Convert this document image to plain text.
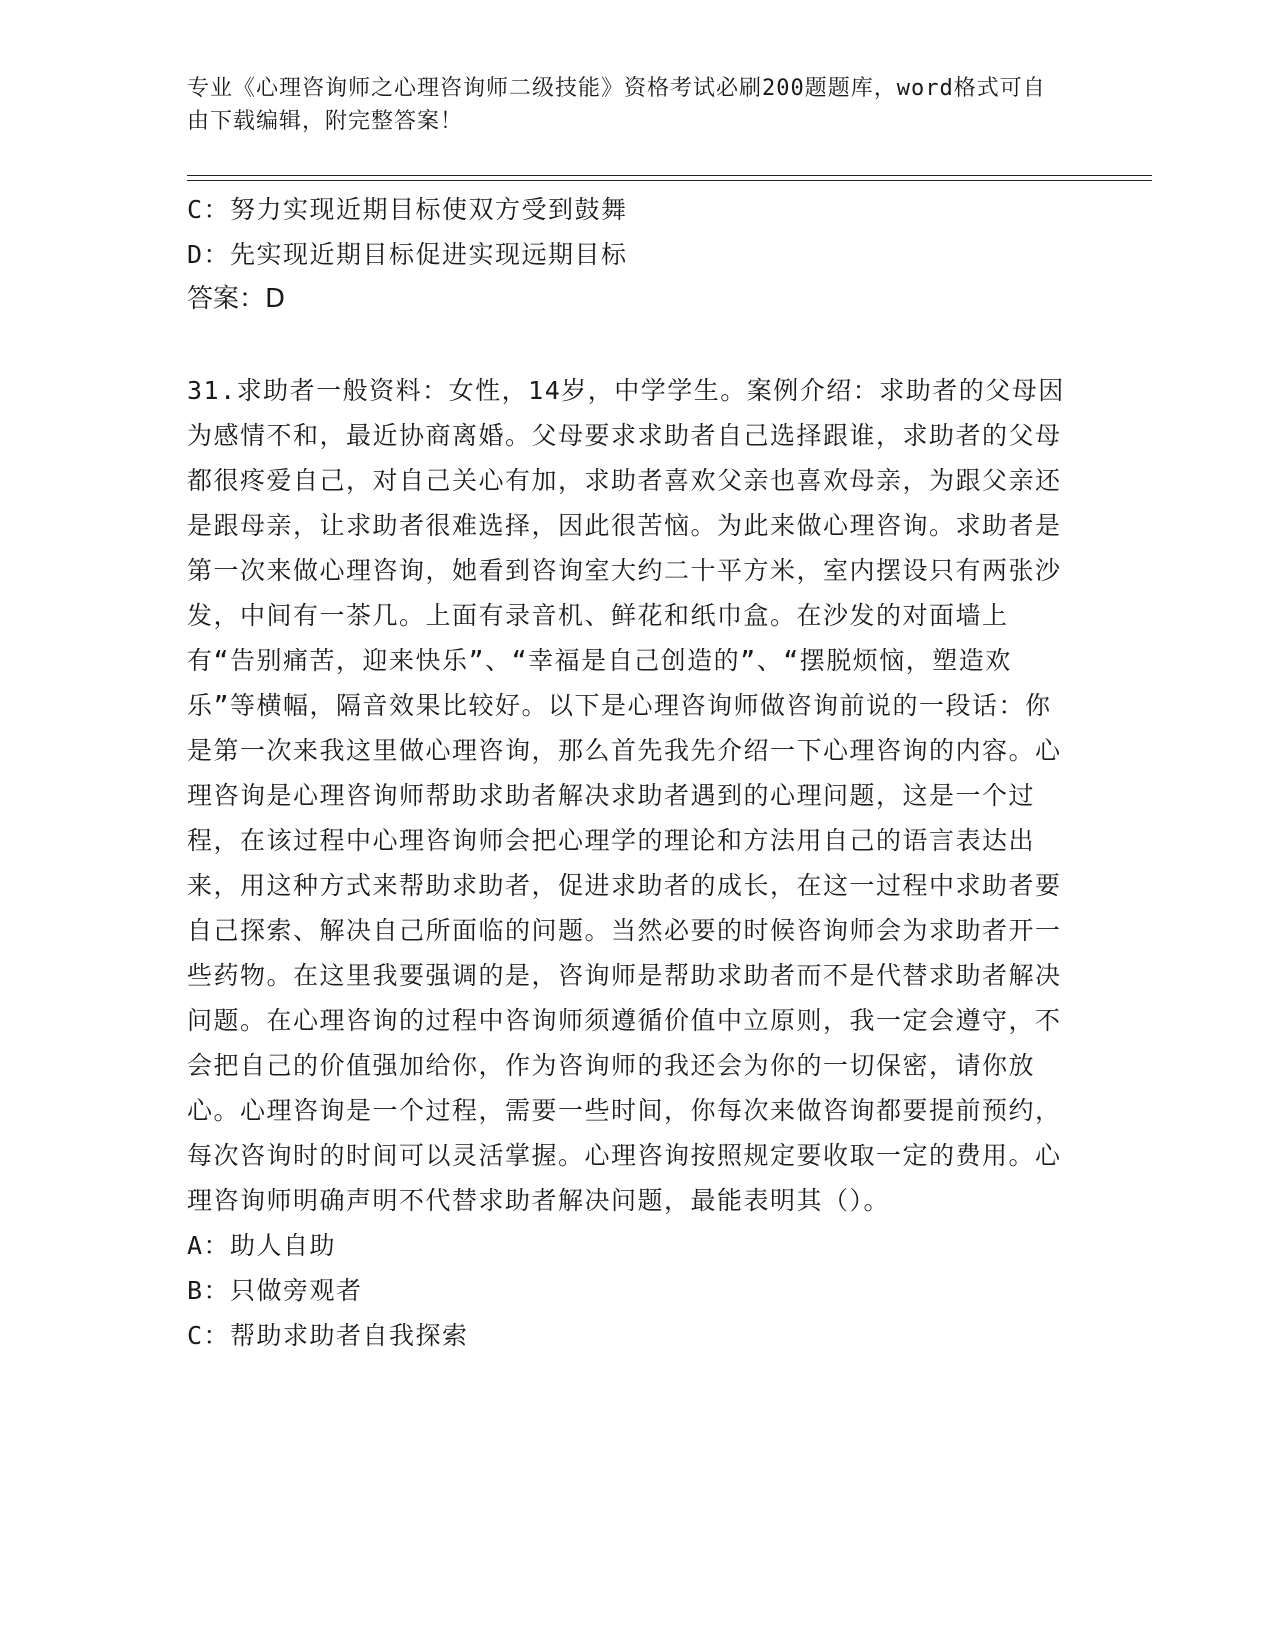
专业《心理咨询师之心理咨询师二级技能》资格考试必刷200题题库，word格式可自由下载编辑，附完整答案！
C：努力实现近期目标使双方受到鼓舞
D：先实现近期目标促进实现远期目标
答案：D
31.求助者一般资料：女性，14岁，中学学生。案例介绍：求助者的父母因为感情不和，最近协商离婚。父母要求求助者自己选择跟谁，求助者的父母都很疼爱自己，对自己关心有加，求助者喜欢父亲也喜欢母亲，为跟父亲还是跟母亲，让求助者很难选择，因此很苦恼。为此来做心理咨询。求助者是第一次来做心理咨询，她看到咨询室大约二十平方米，室内摆设只有两张沙发，中间有一茶几。上面有录音机、鲜花和纸巾盒。在沙发的对面墙上有“告别痛苦，迎来快乐”、“幸福是自己创造的”、“摆脱烦恼，塑造欢乐”等横幅，隔音效果比较好。以下是心理咨询师做咨询前说的一段话：你是第一次来我这里做心理咨询，那么首先我先介绍一下心理咨询的内容。心理咨询是心理咨询师帮助求助者解决求助者遇到的心理问题，这是一个过程，在该过程中心理咨询师会把心理学的理论和方法用自己的语言表达出来，用这种方式来帮助求助者，促进求助者的成长，在这一过程中求助者要自己探索、解决自己所面临的问题。当然必要的时候咨询师会为求助者开一些药物。在这里我要强调的是，咨询师是帮助求助者而不是代替求助者解决问题。在心理咨询的过程中咨询师须遵循价值中立原则，我一定会遵守，不会把自己的价值强加给你，作为咨询师的我还会为你的一切保密，请你放心。心理咨询是一个过程，需要一些时间，你每次来做咨询都要提前预约，每次咨询时的时间可以灵活掌握。心理咨询按照规定要收取一定的费用。心理咨询师明确声明不代替求助者解决问题，最能表明其（）。
A：助人自助
B：只做旁观者
C：帮助求助者自我探索
